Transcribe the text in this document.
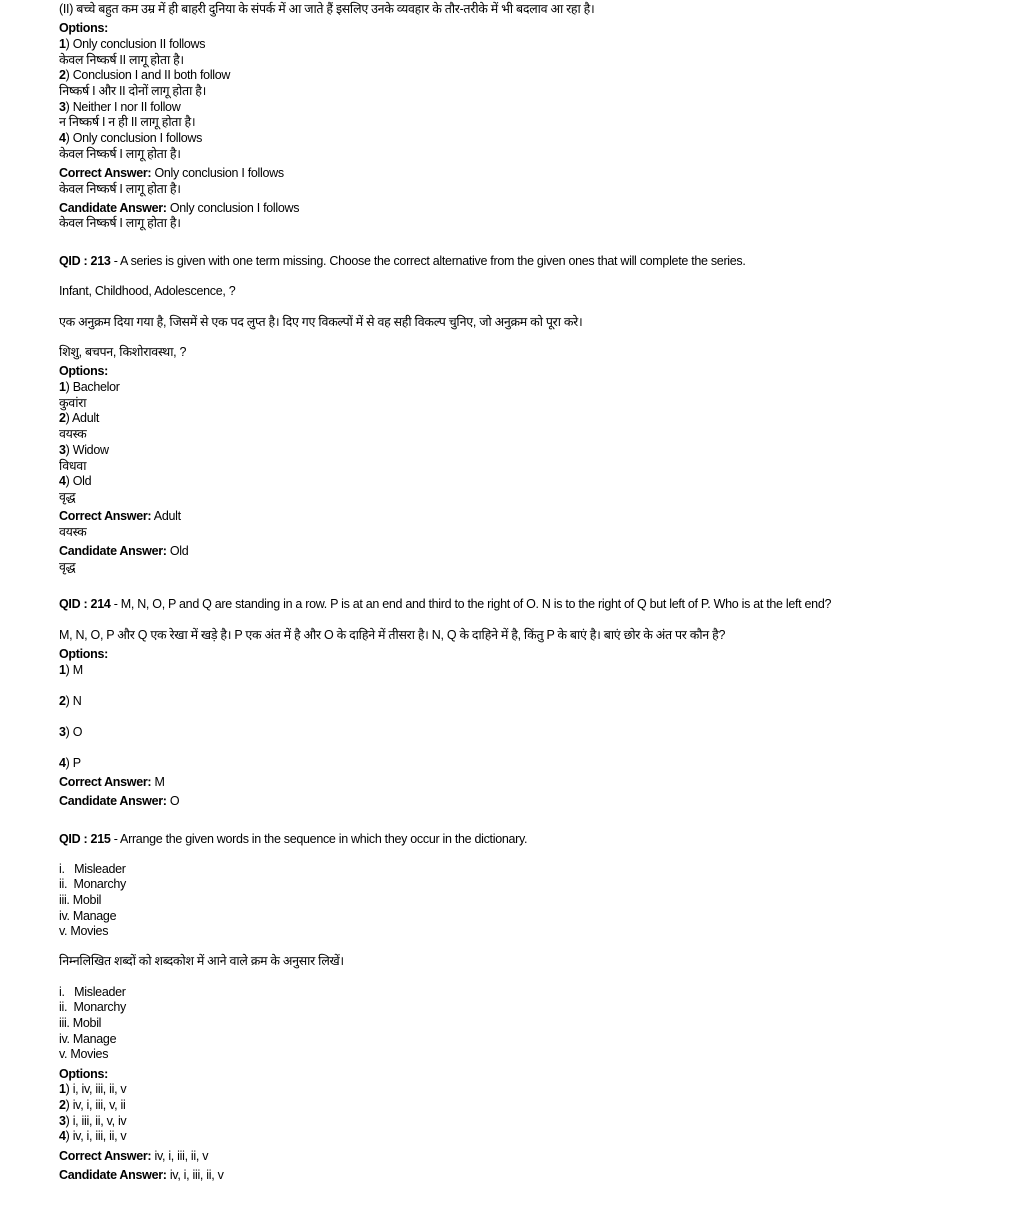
(II) बच्चे बहुत कम उम्र में ही बाहरी दुनिया के संपर्क में आ जाते हैं इसलिए उनके व्यवहार के तौर-तरीके में भी बदलाव आ रहा है।
Options:
1) Only conclusion II follows
केवल निष्कर्ष II लागू होता है।
2) Conclusion I and II both follow
निष्कर्ष I और II दोनों लागू होता है।
3) Neither I nor II follow
न निष्कर्ष I न ही II लागू होता है।
4) Only conclusion I follows
केवल निष्कर्ष I लागू होता है।
Correct Answer: Only conclusion I follows
केवल निष्कर्ष I लागू होता है।
Candidate Answer: Only conclusion I follows
केवल निष्कर्ष I लागू होता है।
QID : 213 - A series is given with one term missing. Choose the correct alternative from the given ones that will complete the series.
Infant, Childhood, Adolescence, ?
एक अनुक्रम दिया गया है, जिसमें से एक पद लुप्त है। दिए गए विकल्पों में से वह सही विकल्प चुनिए, जो अनुक्रम को पूरा करे।
शिशु, बचपन, किशोरावस्था, ?
Options:
1) Bachelor
कुवांरा
2) Adult
वयस्क
3) Widow
विधवा
4) Old
वृद्ध
Correct Answer: Adult
वयस्क
Candidate Answer: Old
वृद्ध
QID : 214 - M, N, O, P and Q are standing in a row. P is at an end and third to the right of O. N is to the right of Q but left of P. Who is at the left end?
M, N, O, P और Q एक रेखा में खड़े है। P एक अंत में है और O के दाहिने में तीसरा है। N, Q के दाहिने में है, किंतु P के बाएं है। बाएं छोर के अंत पर कौन है?
Options:
1) M
2) N
3) O
4) P
Correct Answer: M
Candidate Answer: O
QID : 215 - Arrange the given words in the sequence in which they occur in the dictionary.
i.   Misleader
ii.  Monarchy
iii. Mobil
iv. Manage
v. Movies
निम्नलिखित शब्दों को शब्दकोश में आने वाले क्रम के अनुसार लिखें।
i.   Misleader
ii.  Monarchy
iii. Mobil
iv. Manage
v. Movies
Options:
1) i, iv, iii, ii, v
2) iv, i, iii, v, ii
3) i, iii, ii, v, iv
4) iv, i, iii, ii, v
Correct Answer: iv, i, iii, ii, v
Candidate Answer: iv, i, iii, ii, v
